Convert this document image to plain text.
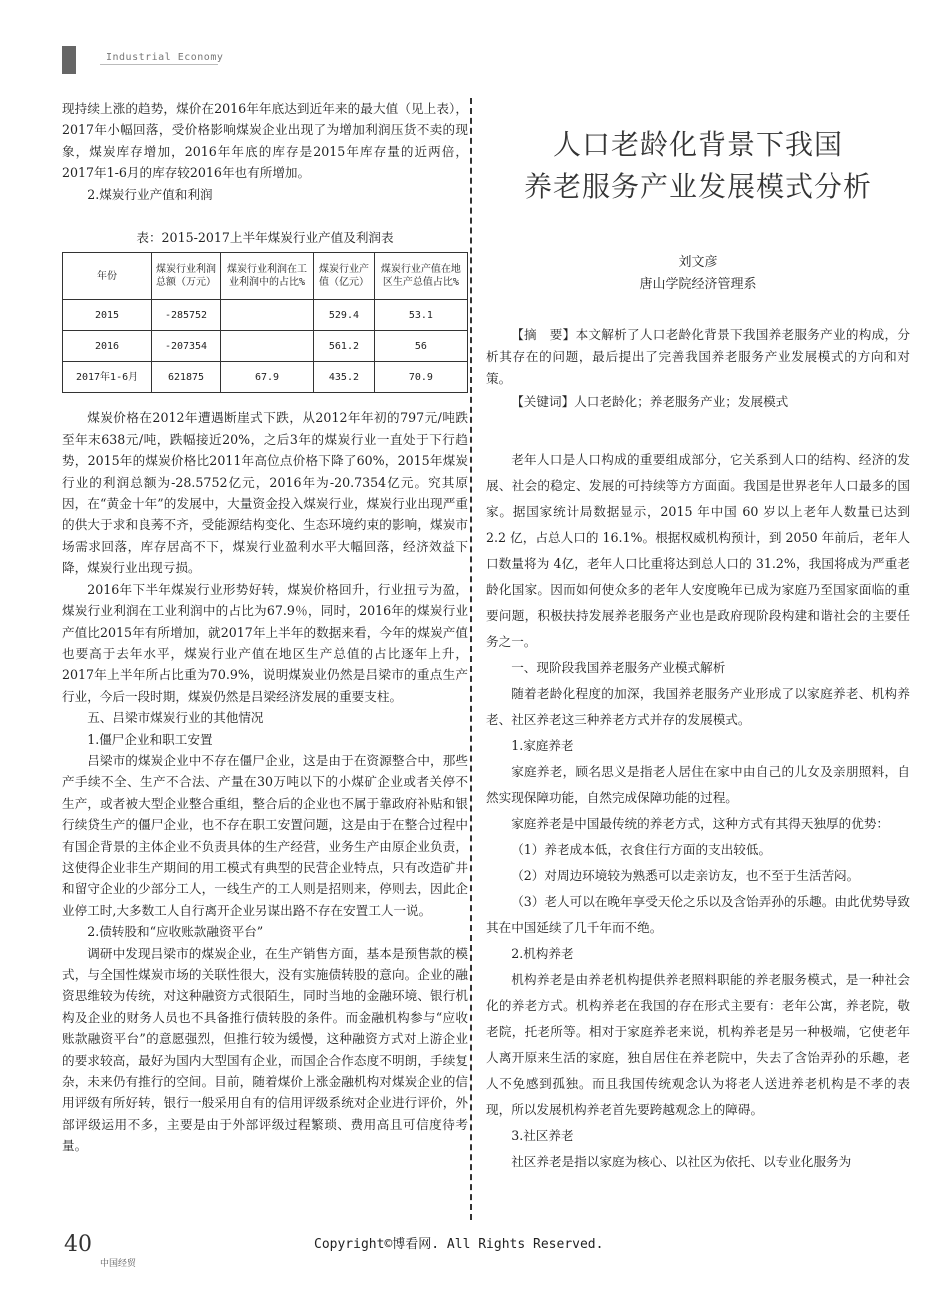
Industrial Economy

现持续上涨的趋势，煤价在2016年年底达到近年来的最大值（见上表），2017年小幅回落，受价格影响煤炭企业出现了为增加利润压货不卖的现象，煤炭库存增加，2016年年底的库存是2015年库存量的近两倍，2017年1-6月的库存较2016年也有所增加。

2.煤炭行业产值和利润

表：2015-2017上半年煤炭行业产值及利润表
年份	煤炭行业利润总额（万元）	煤炭行业利润在工业利润中的占比%	煤炭行业产值（亿元）	煤炭行业产值在地区生产总值占比%
2015	-285752		529.4	53.1
2016	-207354		561.2	56
2017年1-6月	621875	67.9	435.2	70.9

煤炭价格在2012年遭遇断崖式下跌，从2012年年初的797元/吨跌至年末638元/吨，跌幅接近20%，之后3年的煤炭行业一直处于下行趋势，2015年的煤炭价格比2011年高位点价格下降了60%，2015年煤炭行业的利润总额为-28.5752亿元，2016年为-20.7354亿元。究其原因，在“黄金十年”的发展中，大量资金投入煤炭行业，煤炭行业出现严重的供大于求和良莠不齐，受能源结构变化、生态环境约束的影响，煤炭市场需求回落，库存居高不下，煤炭行业盈利水平大幅回落，经济效益下降，煤炭行业出现亏损。

2016年下半年煤炭行业形势好转，煤炭价格回升，行业扭亏为盈，煤炭行业利润在工业利润中的占比为67.9％，同时，2016年的煤炭行业产值比2015年有所增加，就2017年上半年的数据来看，今年的煤炭产值也要高于去年水平，煤炭行业产值在地区生产总值的占比逐年上升，2017年上半年所占比重为70.9%，说明煤炭业仍然是吕梁市的重点生产行业，今后一段时期，煤炭仍然是吕梁经济发展的重要支柱。

五、吕梁市煤炭行业的其他情况

1.僵尸企业和职工安置

吕梁市的煤炭企业中不存在僵尸企业，这是由于在资源整合中，那些产手续不全、生产不合法、产量在30万吨以下的小煤矿企业或者关停不生产，或者被大型企业整合重组，整合后的企业也不属于靠政府补贴和银行续贷生产的僵尸企业，也不存在职工安置问题，这是由于在整合过程中有国企背景的主体企业不负责具体的生产经营，业务生产由原企业负责，这使得企业非生产期间的用工模式有典型的民营企业特点，只有改造矿井和留守企业的少部分工人，一线生产的工人则是招则来，停则去，因此企业停工时,大多数工人自行离开企业另谋出路不存在安置工人一说。

2.债转股和“应收账款融资平台”

调研中发现吕梁市的煤炭企业，在生产销售方面，基本是预售款的模式，与全国性煤炭市场的关联性很大，没有实施债转股的意向。企业的融资思维较为传统，对这种融资方式很陌生，同时当地的金融环境、银行机构及企业的财务人员也不具备推行债转股的条件。而金融机构参与“应收账款融资平台”的意愿强烈，但推行较为缓慢，这种融资方式对上游企业的要求较高，最好为国内大型国有企业，而国企合作态度不明朗，手续复杂，未来仍有推行的空间。目前，随着煤价上涨金融机构对煤炭企业的信用评级有所好转，银行一般采用自有的信用评级系统对企业进行评价，外部评级运用不多，主要是由于外部评级过程繁琐、费用高且可信度待考量。

人口老龄化背景下我国
养老服务产业发展模式分析
刘文彦
唐山学院经济管理系

【摘　要】本文解析了人口老龄化背景下我国养老服务产业的构成，分析其存在的问题，最后提出了完善我国养老服务产业发展模式的方向和对策。

【关键词】人口老龄化；养老服务产业；发展模式

老年人口是人口构成的重要组成部分，它关系到人口的结构、经济的发展、社会的稳定、发展的可持续等方方面面。我国是世界老年人口最多的国家。据国家统计局数据显示，2015 年中国 60 岁以上老年人数量已达到 2.2 亿，占总人口的 16.1%。根据权威机构预计，到 2050 年前后，老年人口数量将为 4亿，老年人口比重将达到总人口的 31.2%，我国将成为严重老龄化国家。因而如何使众多的老年人安度晚年已成为家庭乃至国家面临的重要问题，积极扶持发展养老服务产业也是政府现阶段构建和谐社会的主要任务之一。

一、现阶段我国养老服务产业模式解析

随着老龄化程度的加深，我国养老服务产业形成了以家庭养老、机构养老、社区养老这三种养老方式并存的发展模式。

1.家庭养老

家庭养老，顾名思义是指老人居住在家中由自己的儿女及亲朋照料，自然实现保障功能，自然完成保障功能的过程。

家庭养老是中国最传统的养老方式，这种方式有其得天独厚的优势：

（1）养老成本低，衣食住行方面的支出较低。

（2）对周边环境较为熟悉可以走亲访友，也不至于生活苦闷。

（3）老人可以在晚年享受天伦之乐以及含饴弄孙的乐趣。由此优势导致其在中国延续了几千年而不绝。

2.机构养老

机构养老是由养老机构提供养老照料职能的养老服务模式，是一种社会化的养老方式。机构养老在我国的存在形式主要有：老年公寓，养老院，敬老院，托老所等。相对于家庭养老来说，机构养老是另一种极端，它使老年人离开原来生活的家庭，独自居住在养老院中，失去了含饴弄孙的乐趣，老人不免感到孤独。而且我国传统观念认为将老人送进养老机构是不孝的表现，所以发展机构养老首先要跨越观念上的障碍。

3.社区养老

社区养老是指以家庭为核心、以社区为依托、以专业化服务为

40
中国经贸
Copyright©博看网. All Rights Reserved.
